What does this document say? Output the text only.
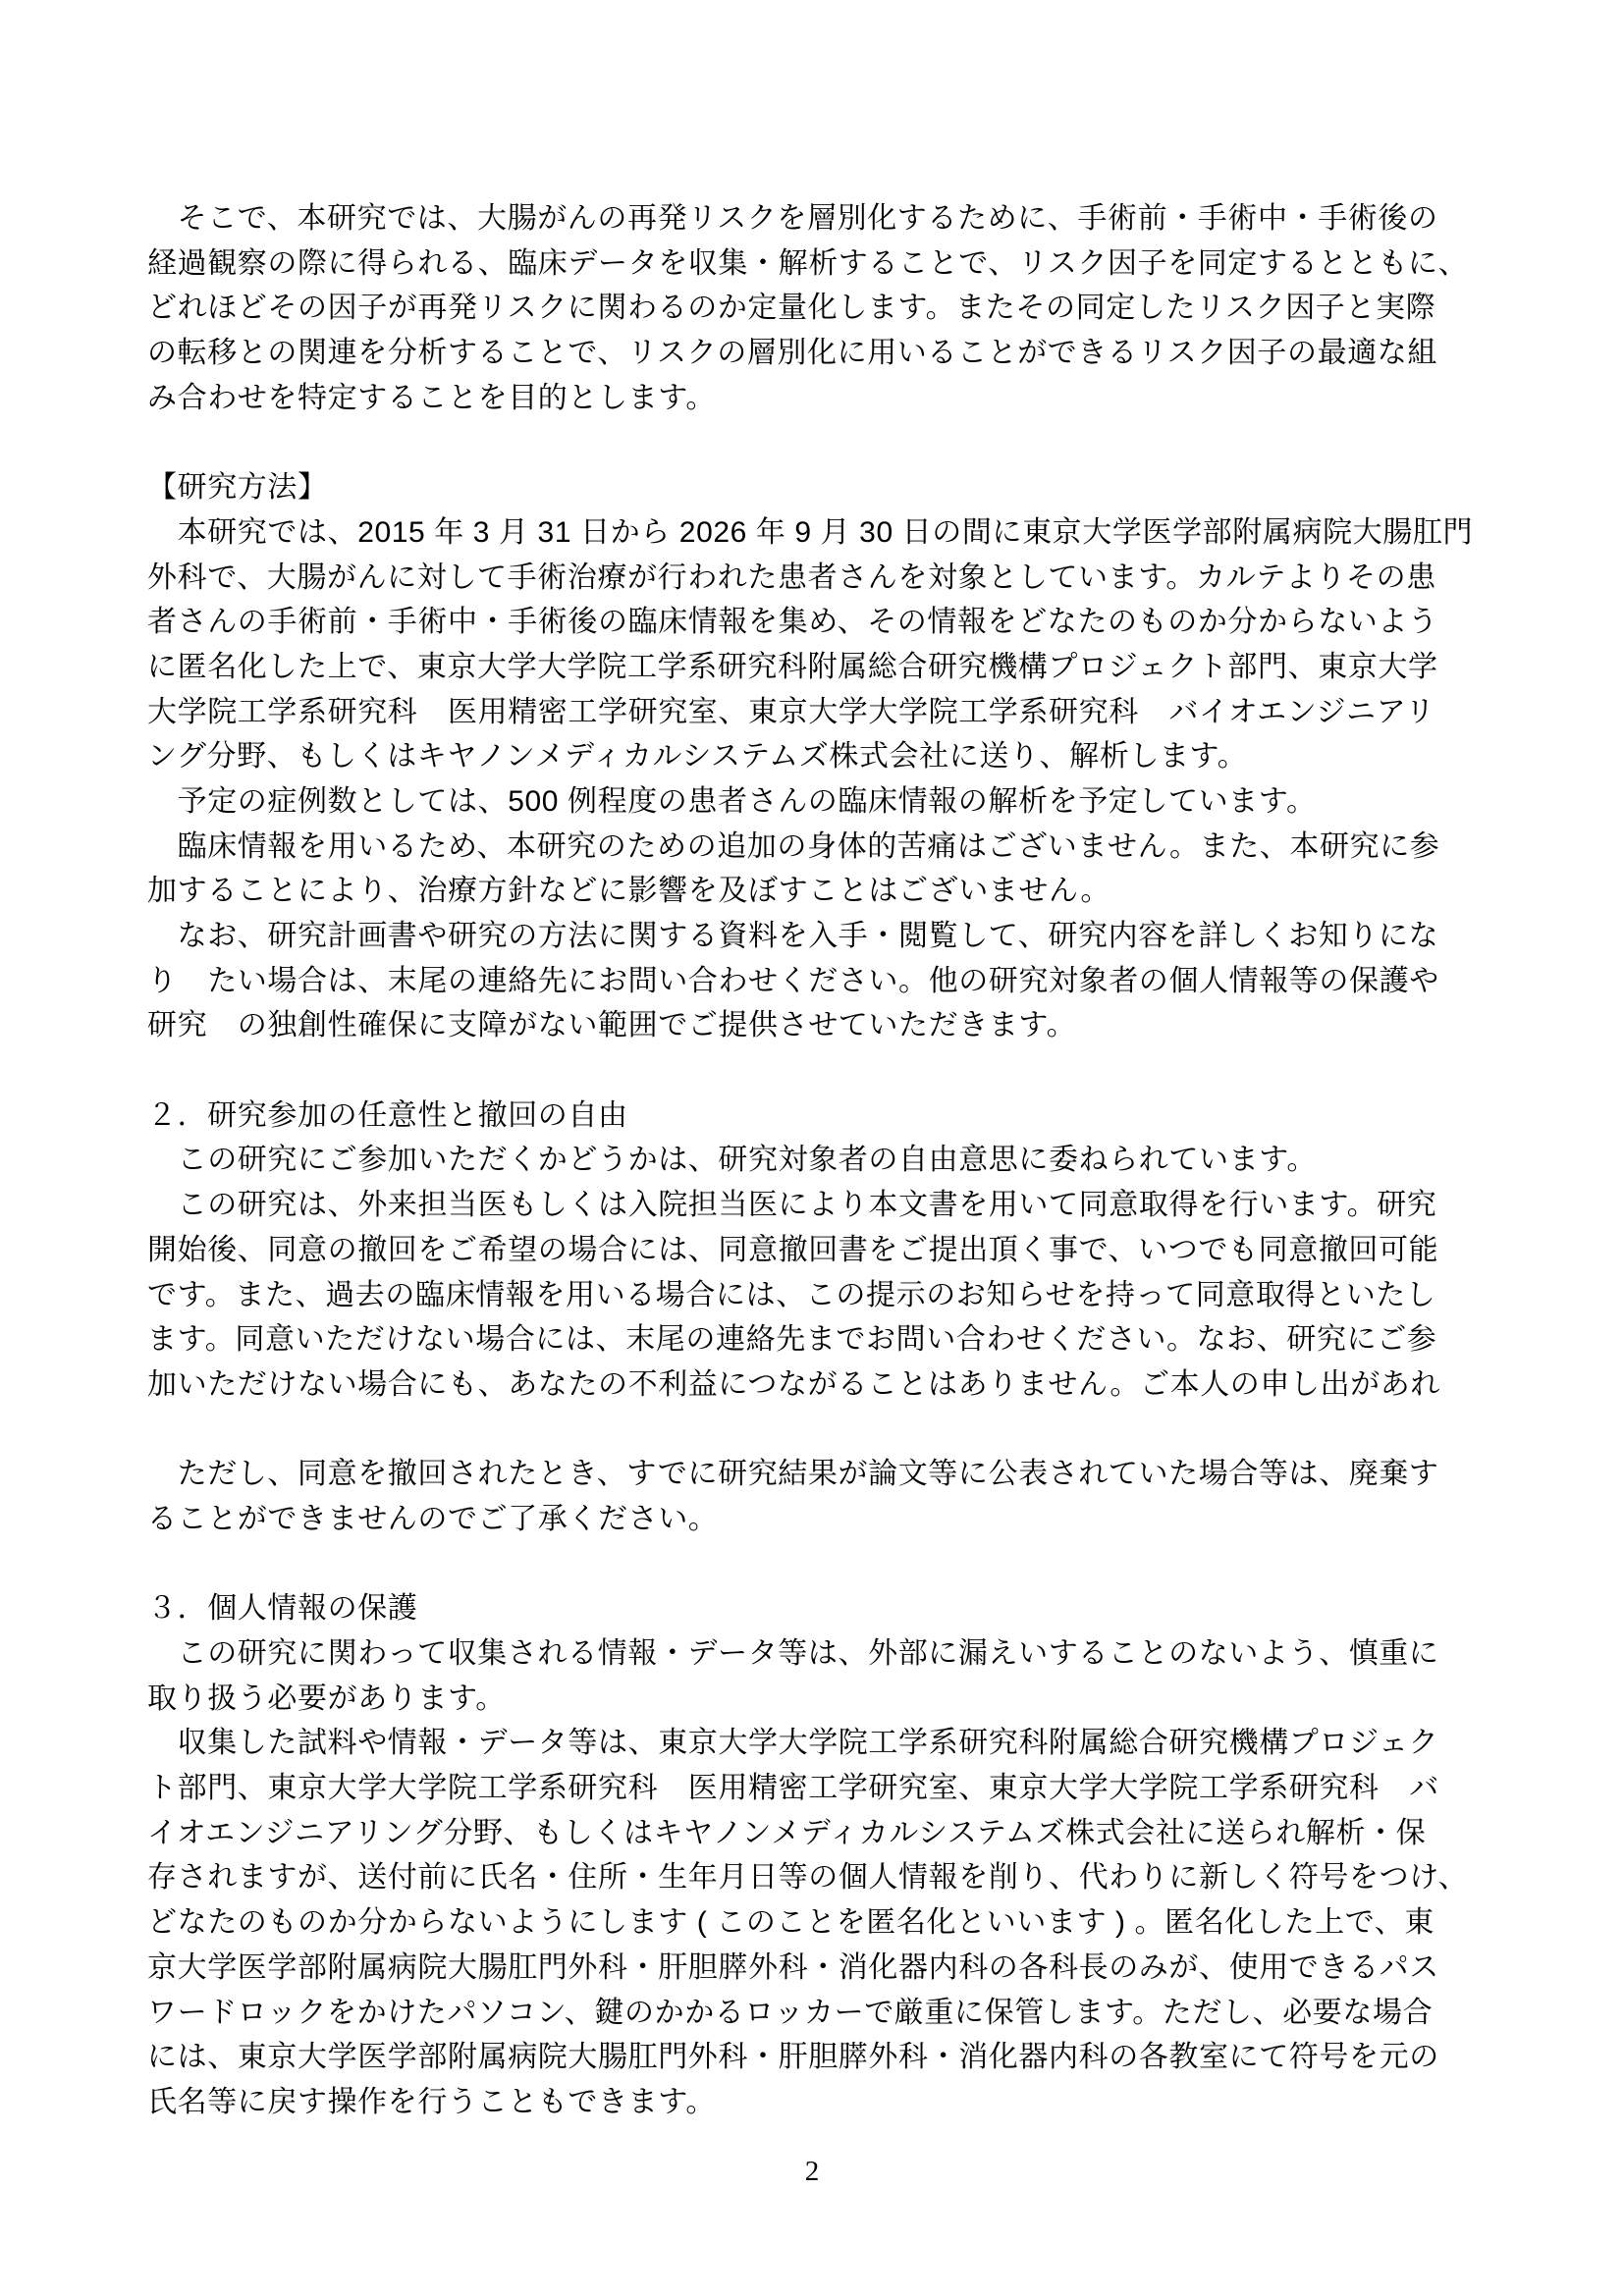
　そこで、本研究では、大腸がんの再発リスクを層別化するために、手術前・手術中・手術後の
経過観察の際に得られる、臨床データを収集・解析することで、リスク因子を同定するとともに、
どれほどその因子が再発リスクに関わるのか定量化します。またその同定したリスク因子と実際
の転移との関連を分析することで、リスクの層別化に用いることができるリスク因子の最適な組
み合わせを特定することを目的とします。
【研究方法】
　本研究では、2015 年 3 月 31 日から 2026 年 9 月 30 日の間に東京大学医学部附属病院大腸肛門
外科で、大腸がんに対して手術治療が行われた患者さんを対象としています。カルテよりその患
者さんの手術前・手術中・手術後の臨床情報を集め、その情報をどなたのものか分からないよう
に匿名化した上で、東京大学大学院工学系研究科附属総合研究機構プロジェクト部門、東京大学
大学院工学系研究科　医用精密工学研究室、東京大学大学院工学系研究科　バイオエンジニアリ
ング分野、もしくはキヤノンメディカルシステムズ株式会社に送り、解析します。
　予定の症例数としては、500 例程度の患者さんの臨床情報の解析を予定しています。
　臨床情報を用いるため、本研究のための追加の身体的苦痛はございません。また、本研究に参
加することにより、治療方針などに影響を及ぼすことはございません。
　なお、研究計画書や研究の方法に関する資料を入手・閲覧して、研究内容を詳しくお知りにな
り　たい場合は、末尾の連絡先にお問い合わせください。他の研究対象者の個人情報等の保護や
研究　の独創性確保に支障がない範囲でご提供させていただきます。
２．研究参加の任意性と撤回の自由
　この研究にご参加いただくかどうかは、研究対象者の自由意思に委ねられています。
　この研究は、外来担当医もしくは入院担当医により本文書を用いて同意取得を行います。研究
開始後、同意の撤回をご希望の場合には、同意撤回書をご提出頂く事で、いつでも同意撤回可能
です。また、過去の臨床情報を用いる場合には、この提示のお知らせを持って同意取得といたし
ます。同意いただけない場合には、末尾の連絡先までお問い合わせください。なお、研究にご参
加いただけない場合にも、あなたの不利益につながることはありません。ご本人の申し出があれ

　ただし、同意を撤回されたとき、すでに研究結果が論文等に公表されていた場合等は、廃棄す
ることができませんのでご了承ください。
３．個人情報の保護
　この研究に関わって収集される情報・データ等は、外部に漏えいすることのないよう、慎重に
取り扱う必要があります。
　収集した試料や情報・データ等は、東京大学大学院工学系研究科附属総合研究機構プロジェク
ト部門、東京大学大学院工学系研究科　医用精密工学研究室、東京大学大学院工学系研究科　バ
イオエンジニアリング分野、もしくはキヤノンメディカルシステムズ株式会社に送られ解析・保
存されますが、送付前に氏名・住所・生年月日等の個人情報を削り、代わりに新しく符号をつけ、
どなたのものか分からないようにします ( このことを匿名化といいます ) 。匿名化した上で、東
京大学医学部附属病院大腸肛門外科・肝胆膵外科・消化器内科の各科長のみが、使用できるパス
ワードロックをかけたパソコン、鍵のかかるロッカーで厳重に保管します。ただし、必要な場合
には、東京大学医学部附属病院大腸肛門外科・肝胆膵外科・消化器内科の各教室にて符号を元の
氏名等に戻す操作を行うこともできます。
2
